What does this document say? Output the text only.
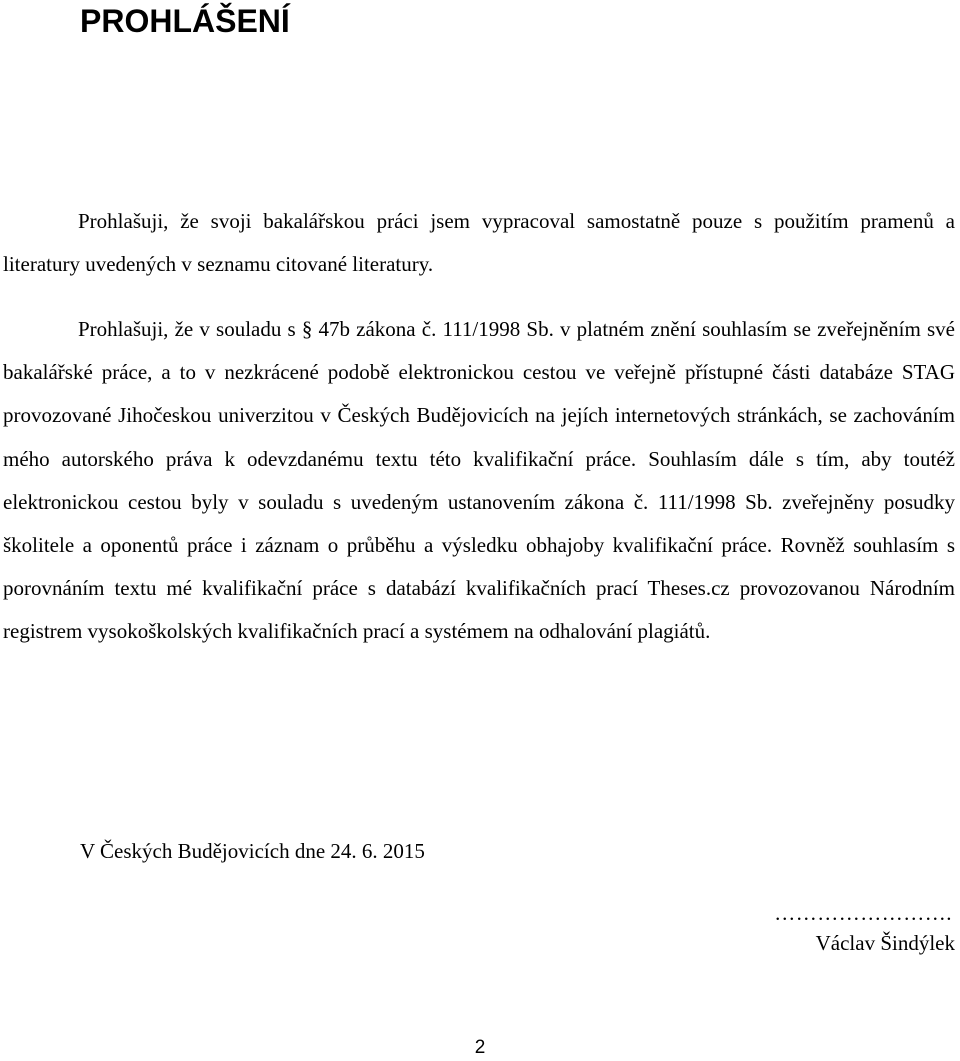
PROHLÁŠENÍ

Prohlašuji, že svoji bakalářskou práci jsem vypracoval samostatně pouze s použitím pramenů a literatury uvedených v seznamu citované literatury.

Prohlašuji, že v souladu s § 47b zákona č. 111/1998 Sb. v platném znění souhlasím se zveřejněním své bakalářské práce, a to v nezkrácené podobě elektronickou cestou ve veřejně přístupné části databáze STAG provozované Jihočeskou univerzitou v Českých Budějovicích na jejích internetových stránkách, se zachováním mého autorského práva k odevzdanému textu této kvalifikační práce. Souhlasím dále s tím, aby toutéž elektronickou cestou byly v souladu s uvedeným ustanovením zákona č. 111/1998 Sb. zveřejněny posudky školitele a oponentů práce i záznam o průběhu a výsledku obhajoby kvalifikační práce. Rovněž souhlasím s porovnáním textu mé kvalifikační práce s databází kvalifikačních prací Theses.cz provozovanou Národním registrem vysokoškolských kvalifikačních prací a systémem na odhalování plagiátů.

V Českých Budějovicích dne 24. 6. 2015
…………………….
Václav Šindýlek
2
